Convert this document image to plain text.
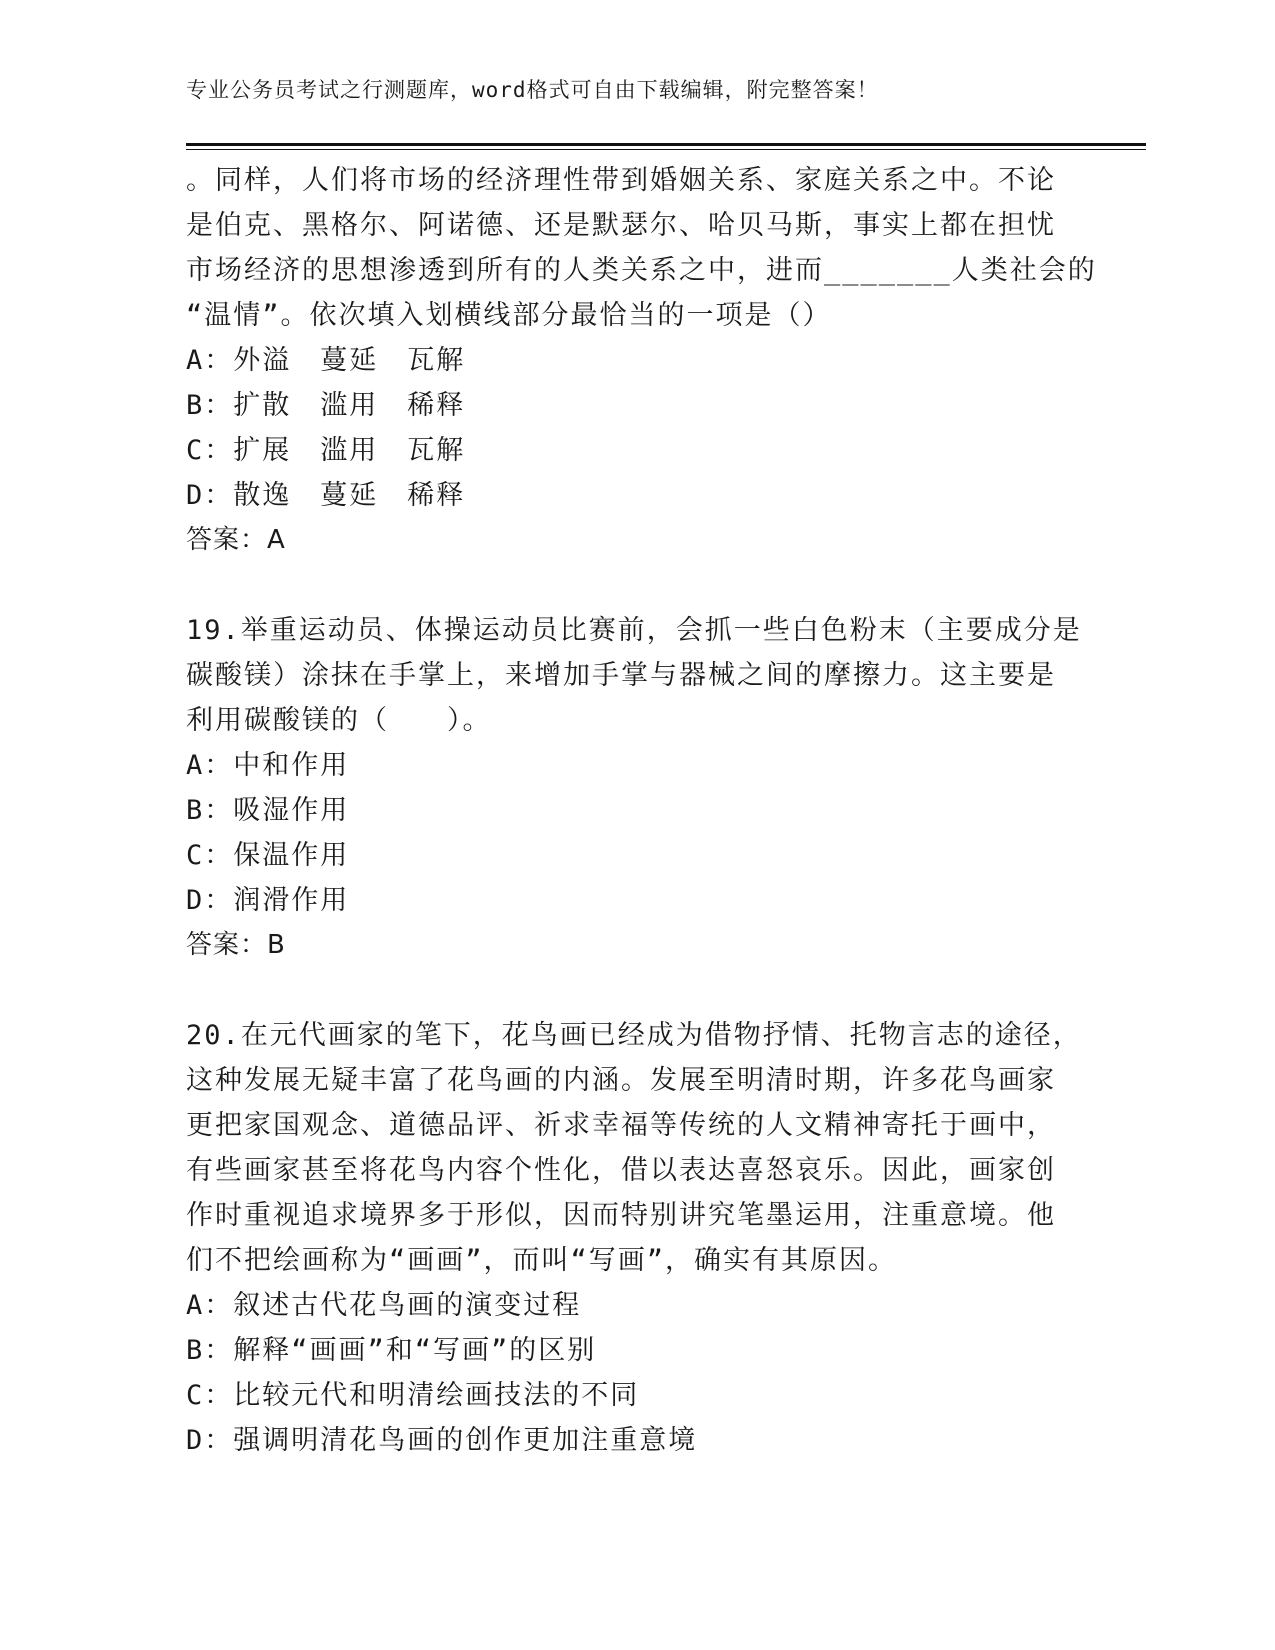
专业公务员考试之行测题库，word格式可自由下载编辑，附完整答案！
。同样，人们将市场的经济理性带到婚姻关系、家庭关系之中。不论
是伯克、黑格尔、阿诺德、还是默瑟尔、哈贝马斯，事实上都在担忧
市场经济的思想渗透到所有的人类关系之中，进而_______人类社会的
“温情”。依次填入划横线部分最恰当的一项是（）
A：外溢　蔓延　瓦解
B：扩散　滥用　稀释
C：扩展　滥用　瓦解
D：散逸　蔓延　稀释
答案：A
19.举重运动员、体操运动员比赛前，会抓一些白色粉末（主要成分是
碳酸镁）涂抹在手掌上，来增加手掌与器械之间的摩擦力。这主要是
利用碳酸镁的（　　）。
A：中和作用
B：吸湿作用
C：保温作用
D：润滑作用
答案：B
20.在元代画家的笔下，花鸟画已经成为借物抒情、托物言志的途径，
这种发展无疑丰富了花鸟画的内涵。发展至明清时期，许多花鸟画家
更把家国观念、道德品评、祈求幸福等传统的人文精神寄托于画中，
有些画家甚至将花鸟内容个性化，借以表达喜怒哀乐。因此，画家创
作时重视追求境界多于形似，因而特别讲究笔墨运用，注重意境。他
们不把绘画称为“画画”，而叫“写画”，确实有其原因。
A：叙述古代花鸟画的演变过程
B：解释“画画”和“写画”的区别
C：比较元代和明清绘画技法的不同
D：强调明清花鸟画的创作更加注重意境
